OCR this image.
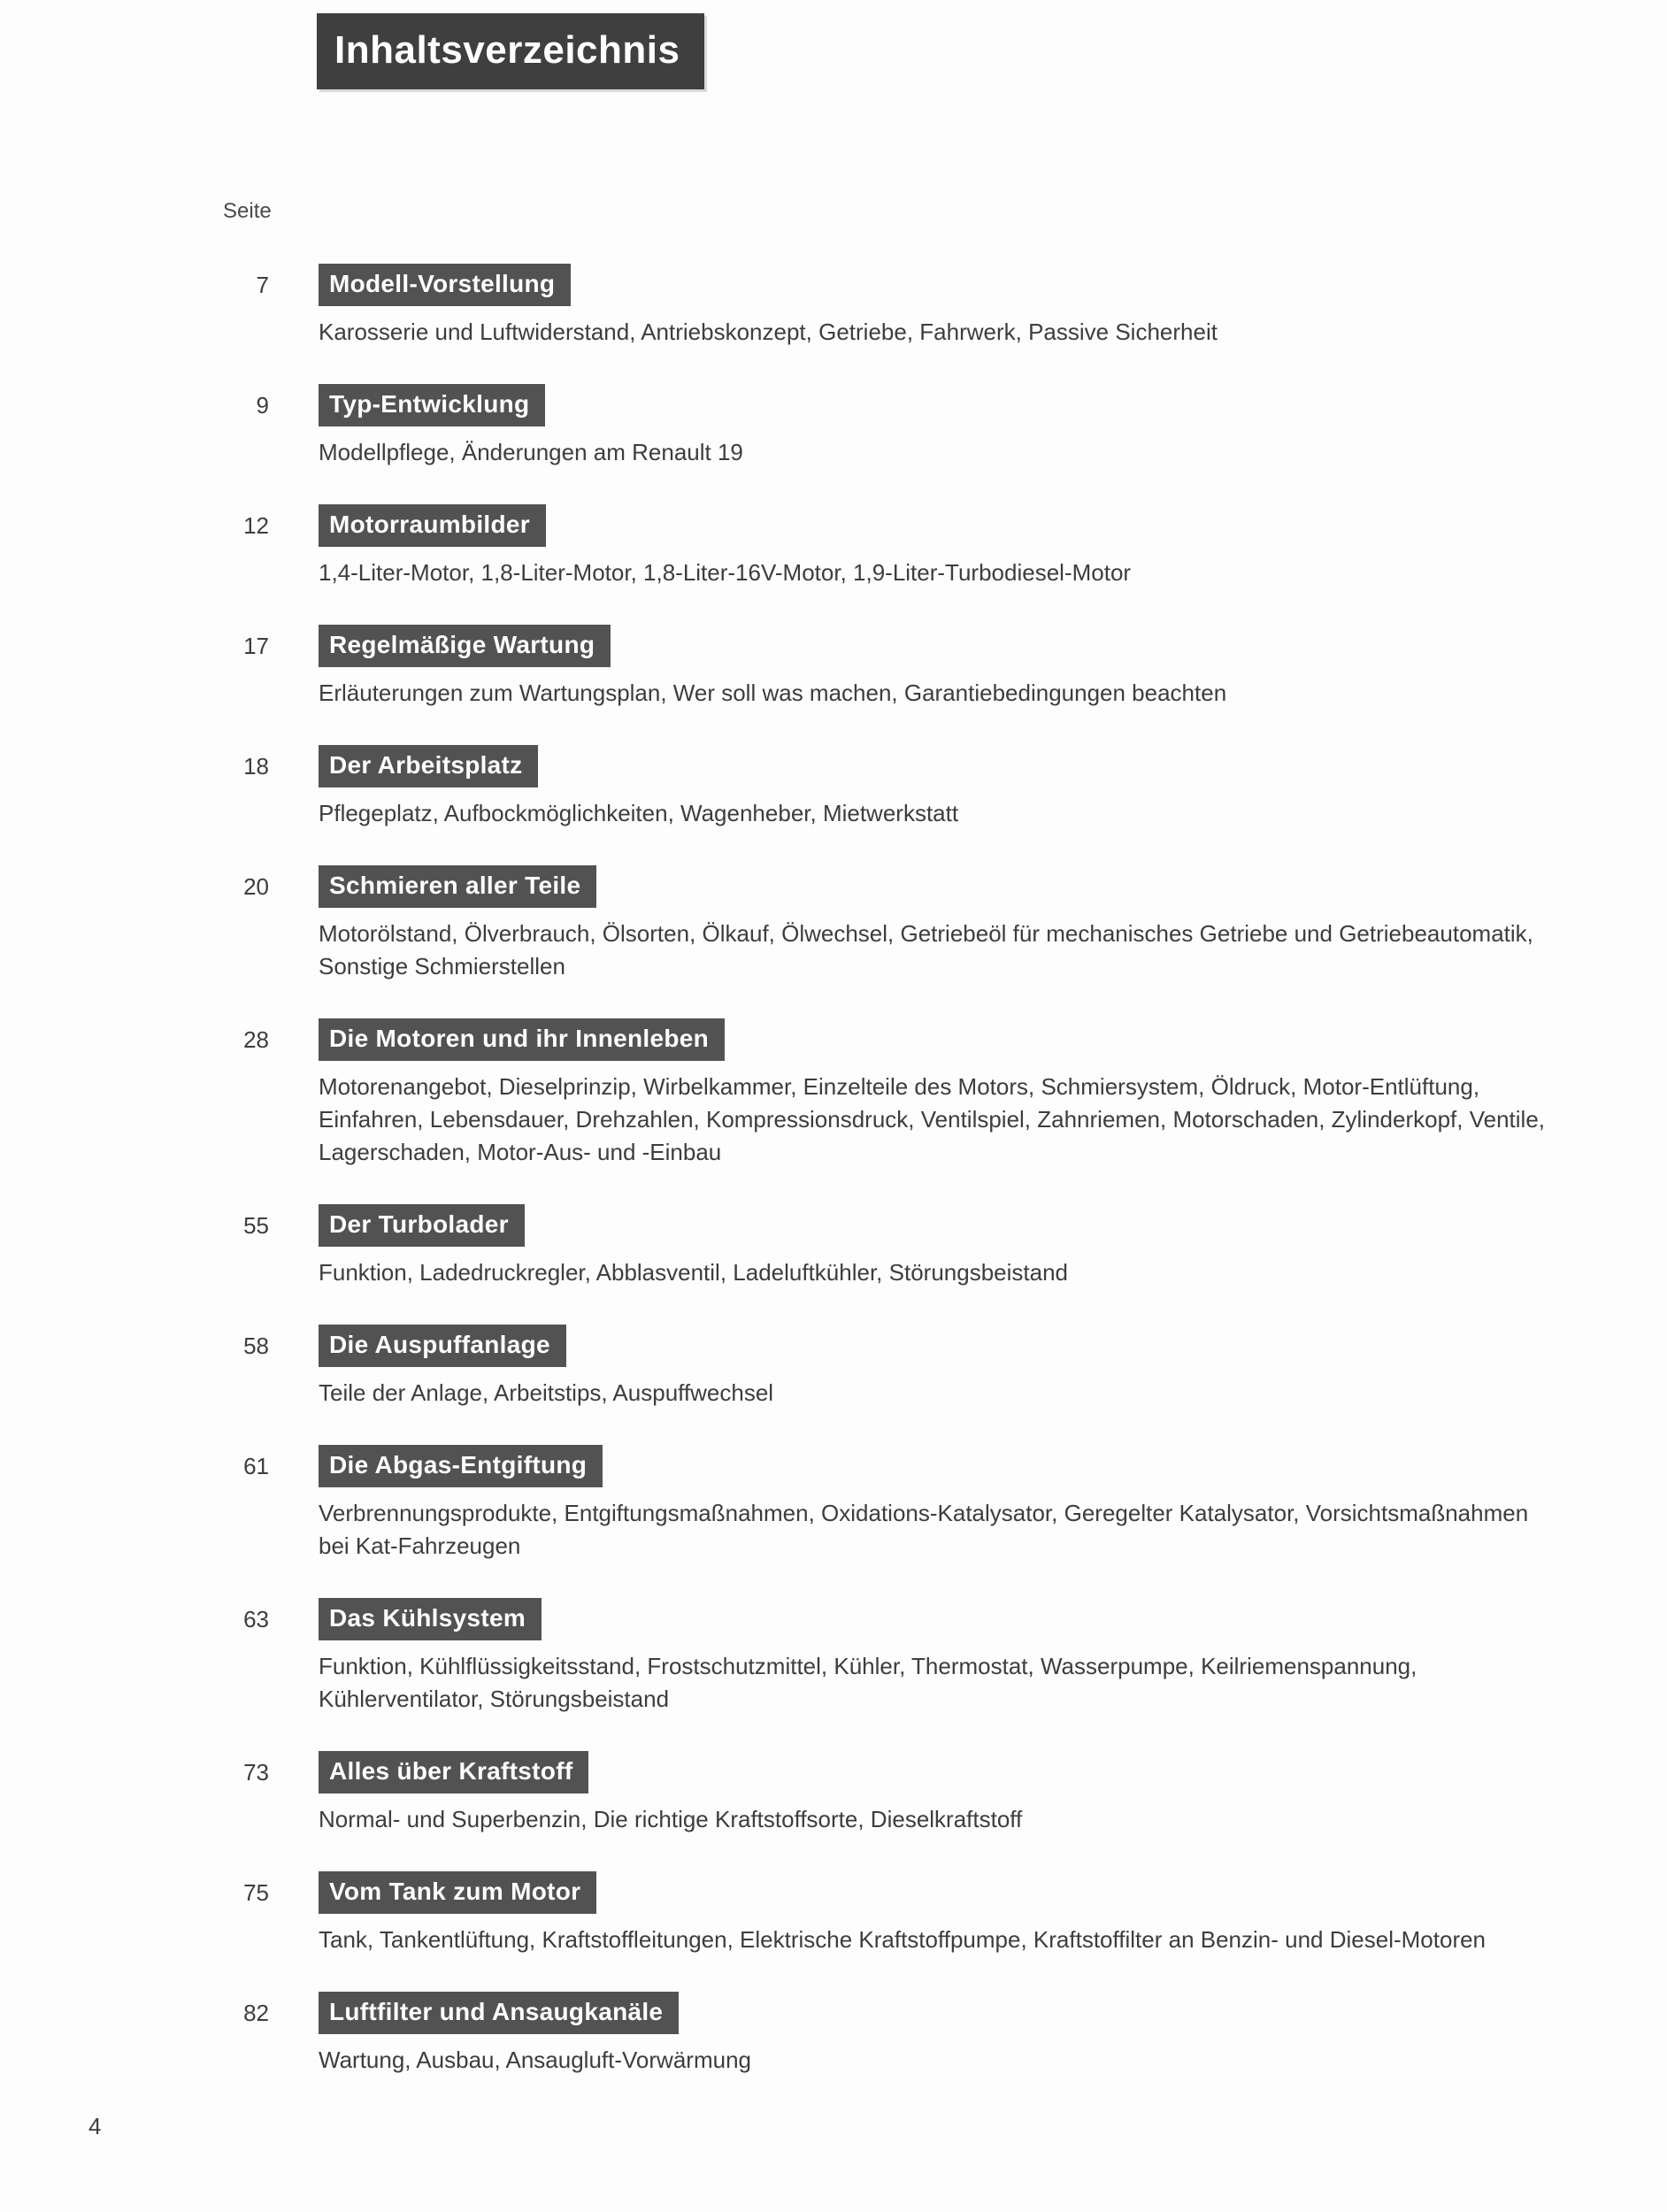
Inhaltsverzeichnis
Seite
7	Modell-Vorstellung
Karosserie und Luftwiderstand, Antriebskonzept, Getriebe, Fahrwerk, Passive Sicherheit
9	Typ-Entwicklung
Modellpflege, Änderungen am Renault 19
12	Motorraumbilder
1,4-Liter-Motor, 1,8-Liter-Motor, 1,8-Liter-16V-Motor, 1,9-Liter-Turbodiesel-Motor
17	Regelmäßige Wartung
Erläuterungen zum Wartungsplan, Wer soll was machen, Garantiebedingungen beachten
18	Der Arbeitsplatz
Pflegeplatz, Aufbockmöglichkeiten, Wagenheber, Mietwerkstatt
20	Schmieren aller Teile
Motorölstand, Ölverbrauch, Ölsorten, Ölkauf, Ölwechsel, Getriebeöl für mechanisches Getriebe und Getriebeautomatik, Sonstige Schmierstellen
28	Die Motoren und ihr Innenleben
Motorenangebot, Dieselprinzip, Wirbelkammer, Einzelteile des Motors, Schmiersystem, Öldruck, Motor-Entlüftung, Einfahren, Lebensdauer, Drehzahlen, Kompressionsdruck, Ventilspiel, Zahnriemen, Motorschaden, Zylinderkopf, Ventile, Lagerschaden, Motor-Aus- und -Einbau
55	Der Turbolader
Funktion, Ladedruckregler, Abblasventil, Ladeluftkühler, Störungsbeistand
58	Die Auspuffanlage
Teile der Anlage, Arbeitstips, Auspuffwechsel
61	Die Abgas-Entgiftung
Verbrennungsprodukte, Entgiftungsmaßnahmen, Oxidations-Katalysator, Geregelter Katalysator, Vorsichtsmaßnahmen bei Kat-Fahrzeugen
63	Das Kühlsystem
Funktion, Kühlflüssigkeitsstand, Frostschutzmittel, Kühler, Thermostat, Wasserpumpe, Keilriemenspannung, Kühlerventilator, Störungsbeistand
73	Alles über Kraftstoff
Normal- und Superbenzin, Die richtige Kraftstoffsorte, Dieselkraftstoff
75	Vom Tank zum Motor
Tank, Tankentlüftung, Kraftstoffleitungen, Elektrische Kraftstoffpumpe, Kraftstoffilter an Benzin- und Diesel-Motoren
82	Luftfilter und Ansaugkanäle
Wartung, Ausbau, Ansaugluft-Vorwärmung
4
